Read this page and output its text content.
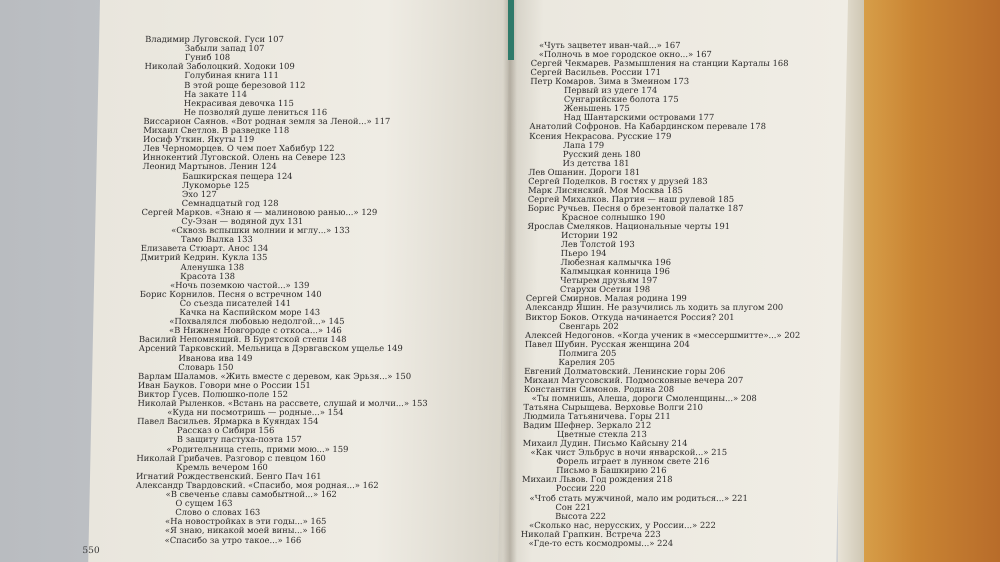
Владимир Луговской. Гуси 107
Забыли запад 107
Гуниб 108
Николай Заболоцкий. Ходоки 109
Голубиная книга 111
В этой роще березовой 112
На закате 114
Некрасивая девочка 115
Не позволяй душе лениться 116
Виссарион Саянов. «Вот родная земля за Леной...» 117
Михаил Светлов. В разведке 118
Иосиф Уткин. Якуты 119
Лев Черноморцев. О чем поет Хабибур 122
Иннокентий Луговской. Олень на Севере 123
Леонид Мартынов. Ленин 124
Башкирская пещера 124
Лукоморье 125
Эхо 127
Семнадцатый год 128
Сергей Марков. «Знаю я — малиновою ранью...» 129
Су-Эзан — водяной дух 131
«Сквозь вспышки молнии и мглу...» 133
Тамо Вылка 133
Елизавета Стюарт. Анос 134
Дмитрий Кедрин. Кукла 135
Аленушка 138
Красота 138
«Ночь поземкою частой...» 139
Борис Корнилов. Песня о встречном 140
Со съезда писателей 141
Качка на Каспийском море 143
«Похвалялся любовью недолгой...» 145
«В Нижнем Новгороде с откоса...» 146
Василий Непомнящий. В Бурятской степи 148
Арсений Тарковский. Мельница в Дэрвгавском ущелье 149
Иванова ива 149
Словарь 150
Варлам Шаламов. «Жить вместе с деревом, как Эрьзя...» 150
Иван Бауков. Говори мне о России 151
Виктор Гусев. Полюшко-поле 152
Николай Рыленков. «Встань на рассвете, слушай и молчи...» 153
«Куда ни посмотришь — родные...» 154
Павел Васильев. Ярмарка в Куяндах 154
Рассказ о Сибири 156
В защиту пастуха-поэта 157
«Родительница степь, прими мою...» 159
Николай Грибачев. Разговор с певцом 160
Кремль вечером 160
Игнатий Рождественский. Бенго Пач 161
Александр Твардовский. «Спасибо, моя родная...» 162
«В свеченье славы самобытной...» 162
О сущем 163
Слово о словах 163
«На новостройках в эти годы...» 165
«Я знаю, никакой моей вины...» 166
«Спасибо за утро такое...» 166
550
«Чуть зацветет иван-чай...» 167
«Полночь в мое городское окно...» 167
Сергей Чекмарев. Размышления на станции Карталы 168
Сергей Васильев. России 171
Петр Комаров. Зима в Змеином 173
Первый из удеге 174
Сунгарийские болота 175
Женьшень 175
Над Шантарскими островами 177
Анатолий Софронов. На Кабардинском перевале 178
Ксения Некрасова. Русские 179
Лапа 179
Русский день 180
Из детства 181
Лев Ошанин. Дороги 181
Сергей Поделков. В гостях у друзей 183
Марк Лисянский. Моя Москва 185
Сергей Михалков. Партия — наш рулевой 185
Борис Ручьев. Песня о брезентовой палатке 187
Красное солнышко 190
Ярослав Смеляков. Национальные черты 191
Истории 192
Лев Толстой 193
Пьеро 194
Любезная калмычка 196
Калмыцкая конница 196
Четырем друзьям 197
Старухи Осетии 198
Сергей Смирнов. Малая родина 199
Александр Яшин. Не разучились ль ходить за плугом 200
Виктор Боков. Откуда начинается Россия? 201
Свенгарь 202
Алексей Недогонов. «Когда ученик в «мессершмитте»...» 202
Павел Шубин. Русская женщина 204
Полмига 205
Карелия 205
Евгений Долматовский. Ленинские горы 206
Михаил Матусовский. Подмосковные вечера 207
Константин Симонов. Родина 208
«Ты помнишь, Алеша, дороги Смоленщины...» 208
Татьяна Сырыщева. Верховье Волги 210
Людмила Татьяничева. Горы 211
Вадим Шефнер. Зеркало 212
Цветные стекла 213
Михаил Дудин. Письмо Кайсыну 214
«Как чист Эльбрус в ночи январской...» 215
Форель играет в лунном свете 216
Письмо в Башкирию 216
Михаил Львов. Год рождения 218
России 220
«Чтоб стать мужчиной, мало им родиться...» 221
Сон 221
Высота 222
«Сколько нас, нерусских, у России...» 222
Николай Грапкин. Встреча 223
«Где-то есть космодромы...» 224
